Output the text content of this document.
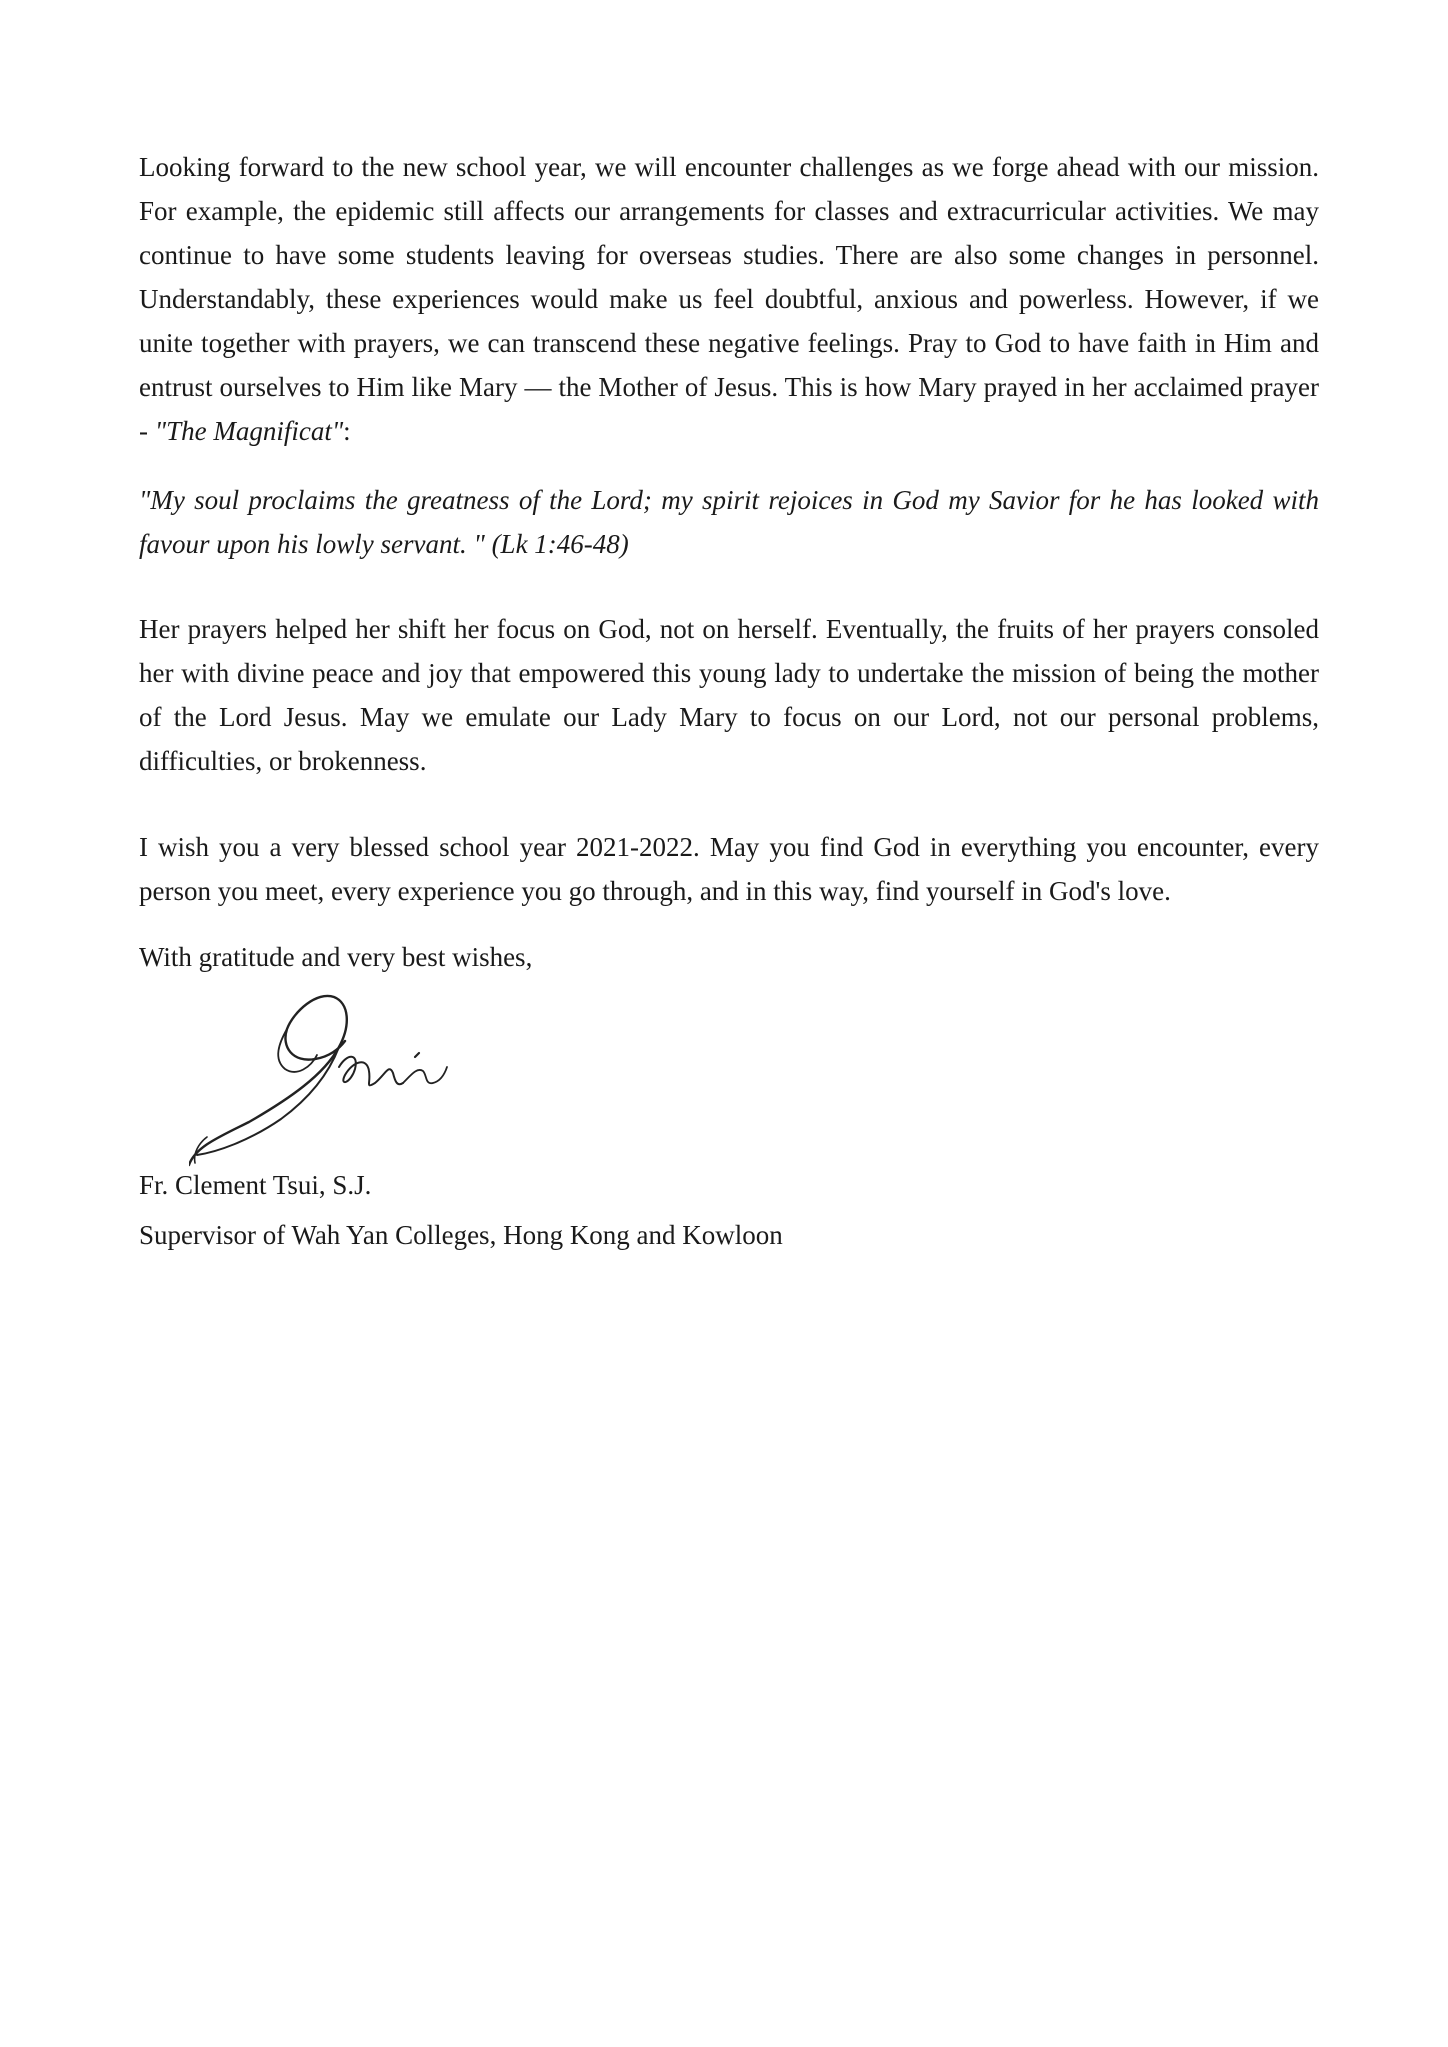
Looking forward to the new school year, we will encounter challenges as we forge ahead with our mission. For example, the epidemic still affects our arrangements for classes and extracurricular activities. We may continue to have some students leaving for overseas studies. There are also some changes in personnel. Understandably, these experiences would make us feel doubtful, anxious and powerless. However, if we unite together with prayers, we can transcend these negative feelings. Pray to God to have faith in Him and entrust ourselves to Him like Mary — the Mother of Jesus. This is how Mary prayed in her acclaimed prayer - "The Magnificat":

"My soul proclaims the greatness of the Lord; my spirit rejoices in God my Savior for he has looked with favour upon his lowly servant. " (Lk 1:46-48)

Her prayers helped her shift her focus on God, not on herself. Eventually, the fruits of her prayers consoled her with divine peace and joy that empowered this young lady to undertake the mission of being the mother of the Lord Jesus. May we emulate our Lady Mary to focus on our Lord, not our personal problems, difficulties, or brokenness.

I wish you a very blessed school year 2021-2022. May you find God in everything you encounter, every person you meet, every experience you go through, and in this way, find yourself in God's love.

With gratitude and very best wishes,

Fr. Clement Tsui, S.J.

Supervisor of Wah Yan Colleges, Hong Kong and Kowloon
